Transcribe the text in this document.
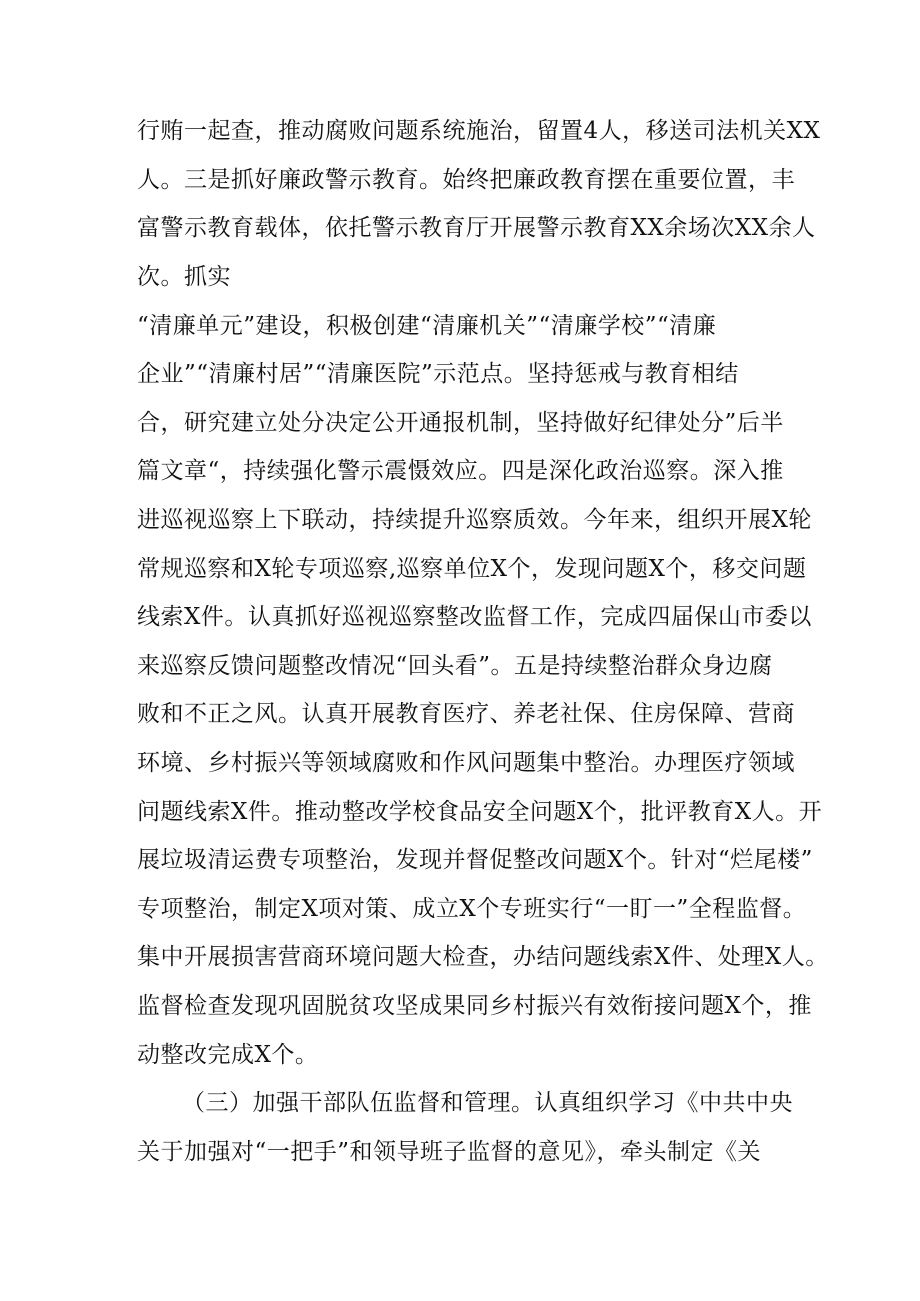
行贿一起查，推动腐败问题系统施治，留置4人，移送司法机关XX
人。三是抓好廉政警示教育。始终把廉政教育摆在重要位置，丰
富警示教育载体，依托警示教育厅开展警示教育XX余场次XX余人
次。抓实
“清廉单元”建设，积极创建“清廉机关”“清廉学校”“清廉
企业”“清廉村居”“清廉医院”示范点。坚持惩戒与教育相结
合，研究建立处分决定公开通报机制，坚持做好纪律处分”后半
篇文章“，持续强化警示震慑效应。四是深化政治巡察。深入推
进巡视巡察上下联动，持续提升巡察质效。今年来，组织开展X轮
常规巡察和X轮专项巡察,巡察单位X个，发现问题X个，移交问题
线索X件。认真抓好巡视巡察整改监督工作，完成四届保山市委以
来巡察反馈问题整改情况“回头看”。五是持续整治群众身边腐
败和不正之风。认真开展教育医疗、养老社保、住房保障、营商
环境、乡村振兴等领域腐败和作风问题集中整治。办理医疗领域
问题线索X件。推动整改学校食品安全问题X个，批评教育X人。开
展垃圾清运费专项整治，发现并督促整改问题X个。针对“烂尾楼”
专项整治，制定X项对策、成立X个专班实行“一盯一”全程监督。
集中开展损害营商环境问题大检查，办结问题线索X件、处理X人。
监督检查发现巩固脱贫攻坚成果同乡村振兴有效衔接问题X个，推
动整改完成X个。
（三）加强干部队伍监督和管理。认真组织学习《中共中央
关于加强对“一把手”和领导班子监督的意见》，牵头制定《关
